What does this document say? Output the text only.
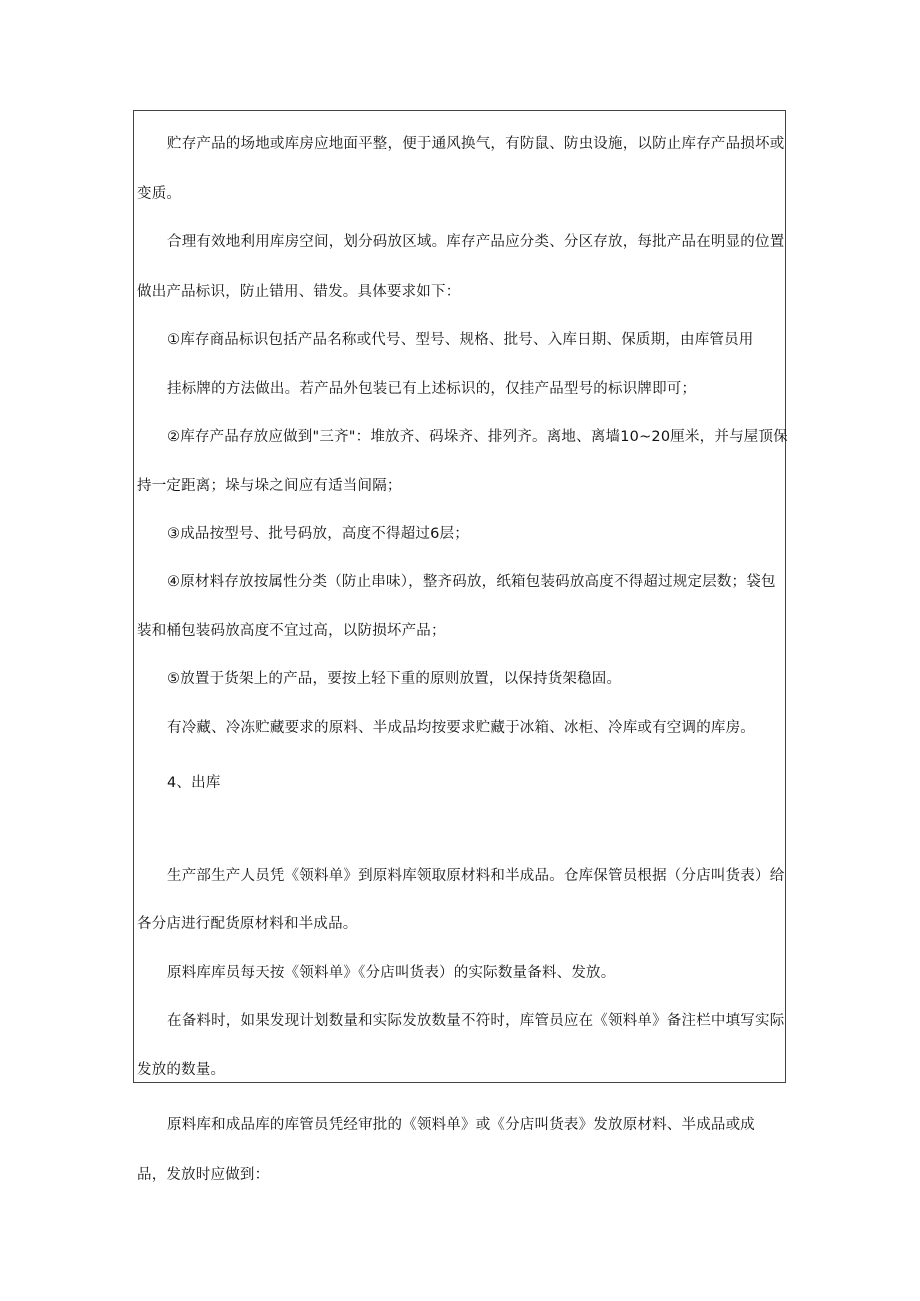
贮存产品的场地或库房应地面平整，便于通风换气，有防鼠、防虫设施，以防止库存产品损坏或
变质。
合理有效地利用库房空间，划分码放区域。库存产品应分类、分区存放，每批产品在明显的位置
做出产品标识，防止错用、错发。具体要求如下：
①库存商品标识包括产品名称或代号、型号、规格、批号、入库日期、保质期，由库管员用
挂标牌的方法做出。若产品外包装已有上述标识的，仅挂产品型号的标识牌即可；
②库存产品存放应做到"三齐"：堆放齐、码垛齐、排列齐。离地、离墙10~20厘米，并与屋顶保
持一定距离；垛与垛之间应有适当间隔；
③成品按型号、批号码放，高度不得超过6层；
④原材料存放按属性分类（防止串味），整齐码放，纸箱包装码放高度不得超过规定层数；袋包
装和桶包装码放高度不宜过高，以防损坏产品；
⑤放置于货架上的产品，要按上轻下重的原则放置，以保持货架稳固。
有冷藏、冷冻贮藏要求的原料、半成品均按要求贮藏于冰箱、冰柜、冷库或有空调的库房。
4、出库
生产部生产人员凭《领料单》到原料库领取原材料和半成品。仓库保管员根据（分店叫货表）给
各分店进行配货原材料和半成品。
原料库库员每天按《领料单》《分店叫货表）的实际数量备料、发放。
在备料时，如果发现计划数量和实际发放数量不符时，库管员应在《领料单》备注栏中填写实际
发放的数量。
原料库和成品库的库管员凭经审批的《领料单》或《分店叫货表》发放原材料、半成品或成
品，发放时应做到：
